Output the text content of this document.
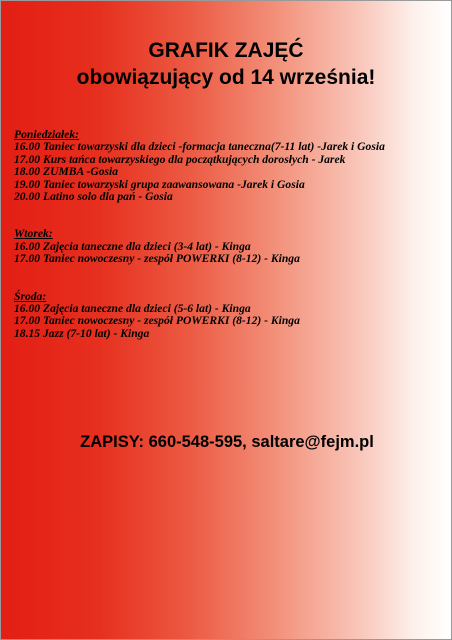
GRAFIK ZAJĘĆ
obowiązujący od 14 września!
Poniedziałek:
16.00 Taniec towarzyski dla dzieci -formacja taneczna(7-11 lat) -Jarek i Gosia
17.00 Kurs tańca towarzyskiego dla początkujących dorosłych - Jarek
18.00 ZUMBA -Gosia
19.00 Taniec towarzyski grupa zaawansowana -Jarek i Gosia
20.00 Latino solo dla pań - Gosia
Wtorek:
16.00 Zajęcia taneczne dla dzieci (3-4 lat) - Kinga
17.00 Taniec nowoczesny - zespół POWERKI (8-12) - Kinga
Środa:
16.00 Zajęcia taneczne dla dzieci (5-6 lat) - Kinga
17.00 Taniec nowoczesny - zespół POWERKI (8-12) - Kinga
18.15 Jazz (7-10 lat) - Kinga
ZAPISY: 660-548-595, saltare@fejm.pl
